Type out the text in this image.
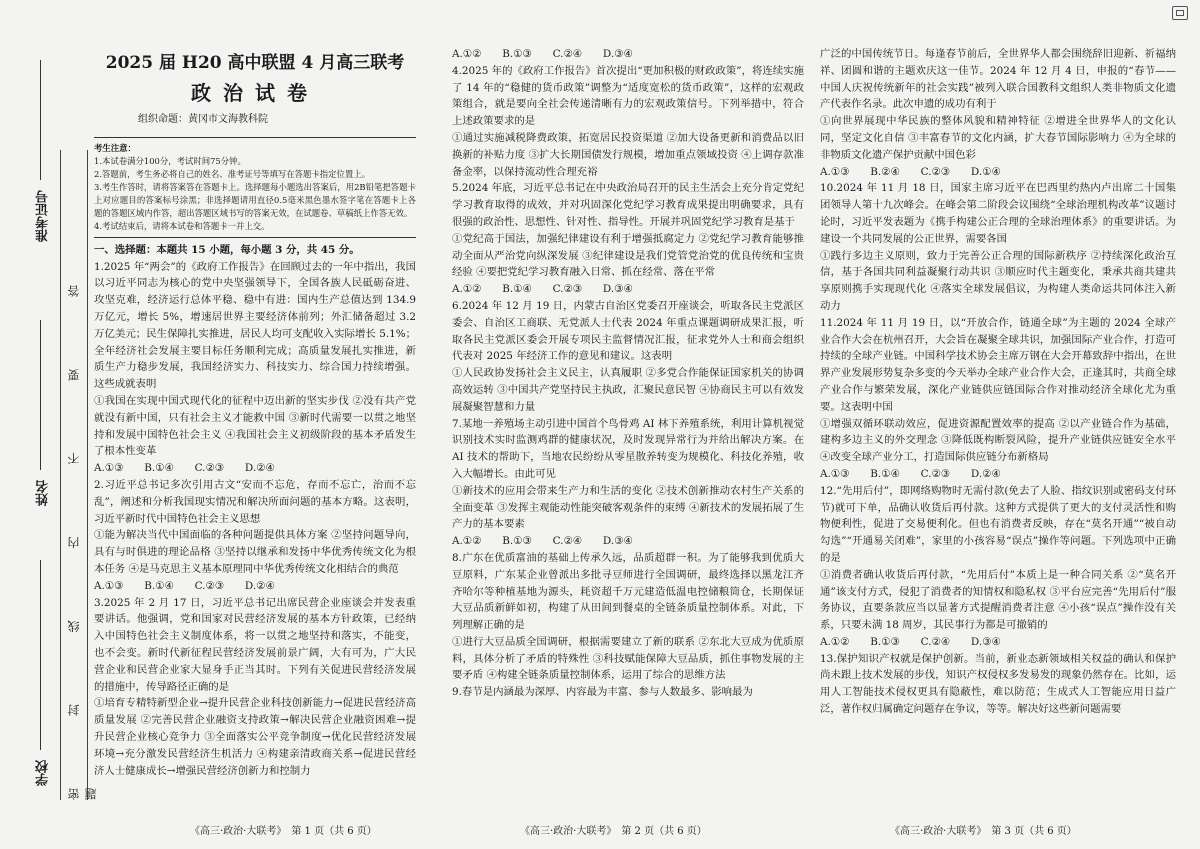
密 封 线 内 不 要 答 题
学校
姓名
准考证号
2025 届 H20 高中联盟 4 月高三联考
政治试卷
组织命题：黄冈市文海教科院

考生注意：

1.本试卷满分100分，考试时间75分钟。

2.答题前，考生务必将自己的姓名、准考证号等填写在答题卡指定位置上。

3.考生作答时，请将答案答在答题卡上。选择题每小题选出答案后，用2B铅笔把答题卡上对应题目的答案标号涂黑；非选择题请用直径0.5毫米黑色墨水签字笔在答题卡上各题的答题区域内作答，超出答题区域书写的答案无效，在试题卷、草稿纸上作答无效。

4.考试结束后，请将本试卷和答题卡一并上交。

一、选择题：本题共 15 小题，每小题 3 分，共 45 分。

1.2025 年“两会”的《政府工作报告》在回顾过去的一年中指出，我国以习近平同志为核心的党中央坚强领导下，全国各族人民砥砺奋进、攻坚克难，经济运行总体平稳、稳中有进：国内生产总值达到 134.9 万亿元，增长 5%，增速居世界主要经济体前列；外汇储备超过 3.2 万亿美元；民生保障扎实推进，居民人均可支配收入实际增长 5.1%；全年经济社会发展主要目标任务顺利完成；高质量发展扎实推进，新质生产力稳步发展，我国经济实力、科技实力、综合国力持续增强。这些成就表明

①我国在实现中国式现代化的征程中迈出新的坚实步伐 ②没有共产党就没有新中国，只有社会主义才能救中国 ③新时代需要一以贯之地坚持和发展中国特色社会主义 ④我国社会主义初级阶段的基本矛盾发生了根本性变革

A.①③　　B.①④　　C.②③　　D.②④

2.习近平总书记多次引用古文“安而不忘危，存而不忘亡，治而不忘乱”，阐述和分析我国现实情况和解决所面问题的基本方略。这表明，习近平新时代中国特色社会主义思想

①能为解决当代中国面临的各种问题提供具体方案 ②坚持问题导向，具有与时俱进的理论品格 ③坚持以继承和发扬中华优秀传统文化为根本任务 ④是马克思主义基本原理同中华优秀传统文化相结合的典范

A.①③　　B.①④　　C.②③　　D.②④

3.2025 年 2 月 17 日，习近平总书记出席民营企业座谈会并发表重要讲话。他强调，党和国家对民营经济发展的基本方针政策，已经纳入中国特色社会主义制度体系，将一以贯之地坚持和落实，不能变，也不会变。新时代新征程民营经济发展前景广阔，大有可为，广大民营企业和民营企业家大显身手正当其时。下列有关促进民营经济发展的措施中，传导路径正确的是

①培育专精特新型企业→提升民营企业科技创新能力→促进民营经济高质量发展 ②完善民营企业融资支持政策→解决民营企业融资困难→提升民营企业核心竞争力 ③全面落实公平竞争制度→优化民营经济发展环境→充分激发民营经济生机活力 ④构建亲清政商关系→促进民营经济人士健康成长→增强民营经济创新力和控制力

A.①②　　B.①③　　C.②④　　D.③④

4.2025 年的《政府工作报告》首次提出“更加积极的财政政策”，将连续实施了 14 年的“稳健的货币政策”调整为“适度宽松的货币政策”，这样的宏观政策组合，就是要向全社会传递清晰有力的宏观政策信号。下列举措中，符合上述政策要求的是

①通过实施减税降费政策，拓宽居民投资渠道 ②加大设备更新和消费品以旧换新的补贴力度 ③扩大长期国债发行规模，增加重点领域投资 ④上调存款准备金率，以保持流动性合理充裕

5.2024 年底，习近平总书记在中央政治局召开的民主生活会上充分肯定党纪学习教育取得的成效，并对巩固深化党纪学习教育成果提出明确要求，具有很强的政治性、思想性、针对性、指导性。开展并巩固党纪学习教育是基于

①党纪高于国法，加强纪律建设有利于增强抵腐定力 ②党纪学习教育能够推动全面从严治党向纵深发展 ③纪律建设是我们党管党治党的优良传统和宝贵经验 ④要把党纪学习教育融入日常、抓在经常、落在平常

A.①②　　B.①④　　C.②③　　D.③④

6.2024 年 12 月 19 日，内蒙古自治区党委召开座谈会，听取各民主党派区委会、自治区工商联、无党派人士代表 2024 年重点课题调研成果汇报，听取各民主党派区委会开展专项民主监督情况汇报，征求党外人士和商会组织代表对 2025 年经济工作的意见和建议。这表明

①人民政协发扬社会主义民主，认真履职 ②多党合作能保证国家机关的协调高效运转 ③中国共产党坚持民主执政，汇聚民意民智 ④协商民主可以有效发展凝聚智慧和力量

7.某地一养殖场主动引进中国首个鸟骨鸡 AI 林下养殖系统，利用计算机视觉识别技术实时监测鸡群的健康状况，及时发现异常行为并给出解决方案。在 AI 技术的帮助下，当地农民纷纷从零星散养转变为规模化、科技化养殖，收入大幅增长。由此可见

①新技术的应用会带来生产力和生活的变化 ②技术创新推动农村生产关系的全面变革 ③发挥主观能动性能突破客观条件的束缚 ④新技术的发展拓展了生产力的基本要素

A.①②　　B.①③　　C.②④　　D.③④

8.广东在优质富油的基础上传承久远，品质超群一积。为了能够我到优质大豆原料，广东某企业曾派出多批寻豆师进行全国调研，最终选择以黑龙江齐齐哈尔等种植基地为源头，耗资超千万元建造低温电控储粮筒仓，长期保证大豆品质新鲜如初，构建了从田间到餐桌的全链条质量控制体系。对此，下列理解正确的是

①进行大豆品质全国调研，根据需要建立了新的联系 ②东北大豆成为优质原料，具体分析了矛盾的特殊性 ③科技赋能保障大豆品质，抓住事物发展的主要矛盾 ④构建全链条质量控制体系，运用了综合的思维方法

9.春节是内涵最为深厚、内容最为丰富、参与人数最多、影响最为

广泛的中国传统节日。每逢春节前后，全世界华人都会围绕辞旧迎新、祈福纳祥、团圆和谐的主题欢庆这一佳节。2024 年 12 月 4 日，申报的“春节——中国人庆祝传统新年的社会实践”被列入联合国教科文组织人类非物质文化遗产代表作名录。此次申遗的成功有利于

①向世界展现中华民族的整体风貌和精神特征 ②增进全世界华人的文化认同，坚定文化自信 ③丰富春节的文化内涵，扩大春节国际影响力 ④为全球的非物质文化遗产保护贡献中国色彩

A.①③　　B.②④　　C.②③　　D.①④

10.2024 年 11 月 18 日，国家主席习近平在巴西里约热内卢出席二十国集团领导人第十九次峰会。在峰会第二阶段会议围绕“全球治理机构改革”议题讨论时，习近平发表题为《携手构建公正合理的全球治理体系》的重要讲话。为建设一个共同发展的公正世界，需要各国

①践行多边主义原则，致力于完善公正合理的国际新秩序 ②持续深化政治互信，基于各国共同利益凝聚行动共识 ③顺应时代主题变化，秉承共商共建共享原则携手实现现代化 ④落实全球发展倡议，为构建人类命运共同体注入新动力

11.2024 年 11 月 19 日，以“开放合作，链通全球”为主题的 2024 全球产业合作大会在杭州召开，大会旨在凝聚全球共识，加强国际产业合作，打造可持续的全球产业链。中国科学技术协会主席万钢在大会开幕致辞中指出，在世界产业发展形势复杂多变的今天举办全球产业合作大会，正逢其时，共商全球产业合作与繁荣发展，深化产业链供应链国际合作对推动经济全球化尤为重要。这表明中国

①增强双循环联动效应，促进资源配置效率的提高 ②以产业链合作为基础，建构多边主义的外交理念 ③降低既构断裂风险，提升产业链供应链安全水平 ④改变全球产业分工，打造国际供应链分布新格局

A.①③　　B.①④　　C.②③　　D.②④

12.“先用后付”，即网络购物时无需付款(免去了人脸、指纹识别或密码支付环节)就可下单，品确认收货后再付款。这种方式提供了更大的支付灵活性和购物便利性，促进了交易便利化。但也有消费者反映，存在“莫名开通”“被自动勾选”“开通易关闭难”，家里的小孩容易“误点”操作等问题。下列选项中正确的是

①消费者确认收货后再付款，“先用后付”本质上是一种合同关系 ②“莫名开通”该支付方式，侵犯了消费者的知情权和隐私权 ③平台应完善“先用后付”服务协议，直要条款应当以显著方式提醒消费者注意 ④小孩“误点”操作没有关系，只要未满 18 周岁，其民事行为都是可撤销的

A.①②　　B.①③　　C.②④　　D.③④

13.保护知识产权就是保护创新。当前，新业态新领域相关权益的确认和保护尚未跟上技术发展的步伐，知识产权侵权多发易发的现象仍然存在。比如，运用人工智能技术侵权更具有隐蔽性，难以防范；生成式人工智能应用日益广泛，著作权归属确定问题存在争议，等等。解决好这些新问题需要

《高三·政治·大联考》　第 1 页（共 6 页）	《高三·政治·大联考》　第 2 页（共 6 页）	《高三·政治·大联考》　第 3 页（共 6 页）
